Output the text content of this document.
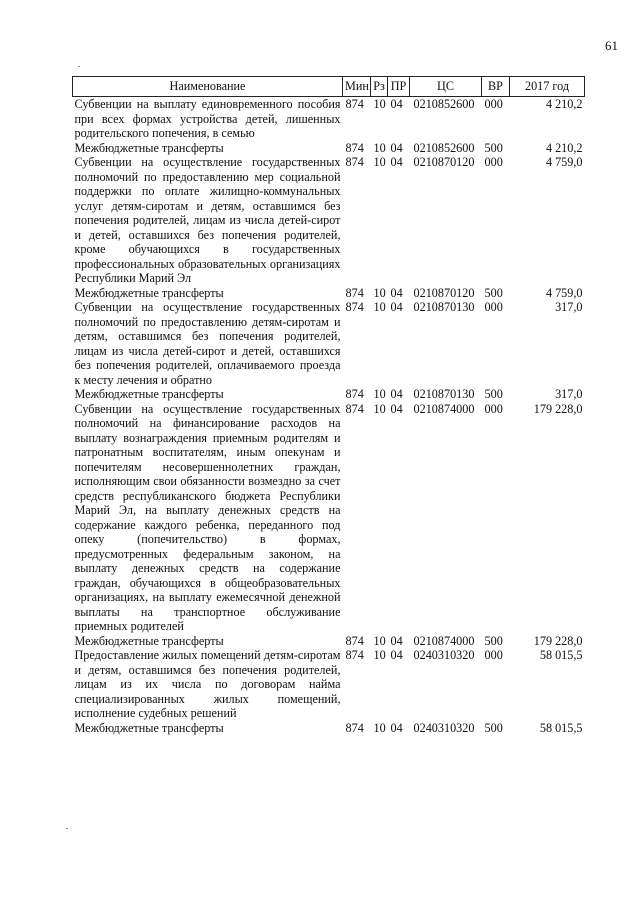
61
Наименование	Мин	Рз	ПР	ЦС	ВР	2017 год
Субвенции на выплату единовременного пособия при всех формах устройства детей, лишенных родительского попечения, в семью	874	10	04	0210852600	000	4 210,2
Межбюджетные трансферты	874	10	04	0210852600	500	4 210,2
Субвенции на осуществление государственных полномочий по предоставлению мер социальной поддержки по оплате жилищно-коммунальных услуг детям-сиротам и детям, оставшимся без попечения родителей, лицам из числа детей-сирот и детей, оставшихся без попечения родителей, кроме обучающихся в государственных профессиональных образовательных организациях Республики Марий Эл	874	10	04	0210870120	000	4 759,0
Межбюджетные трансферты	874	10	04	0210870120	500	4 759,0
Субвенции на осуществление государственных полномочий по предоставлению детям-сиротам и детям, оставшимся без попечения родителей, лицам из числа детей-сирот и детей, оставшихся без попечения родителей, оплачиваемого проезда к месту лечения и обратно	874	10	04	0210870130	000	317,0
Межбюджетные трансферты	874	10	04	0210870130	500	317,0
Субвенции на осуществление государственных полномочий на финансирование расходов на выплату вознаграждения приемным родителям и патронатным воспитателям, иным опекунам и попечителям несовершеннолетних граждан, исполняющим свои обязанности возмездно за счет средств республиканского бюджета Республики Марий Эл, на выплату денежных средств на содержание каждого ребенка, переданного под опеку (попечительство) в формах, предусмотренных федеральным законом, на выплату денежных средств на содержание граждан, обучающихся в общеобразовательных организациях, на выплату ежемесячной денежной выплаты на транспортное обслуживание приемных родителей	874	10	04	0210874000	000	179 228,0
Межбюджетные трансферты	874	10	04	0210874000	500	179 228,0
Предоставление жилых помещений детям-сиротам и детям, оставшимся без попечения родителей, лицам из их числа по договорам найма специализированных жилых помещений, исполнение судебных решений	874	10	04	0240310320	000	58 015,5
Межбюджетные трансферты	874	10	04	0240310320	500	58 015,5
